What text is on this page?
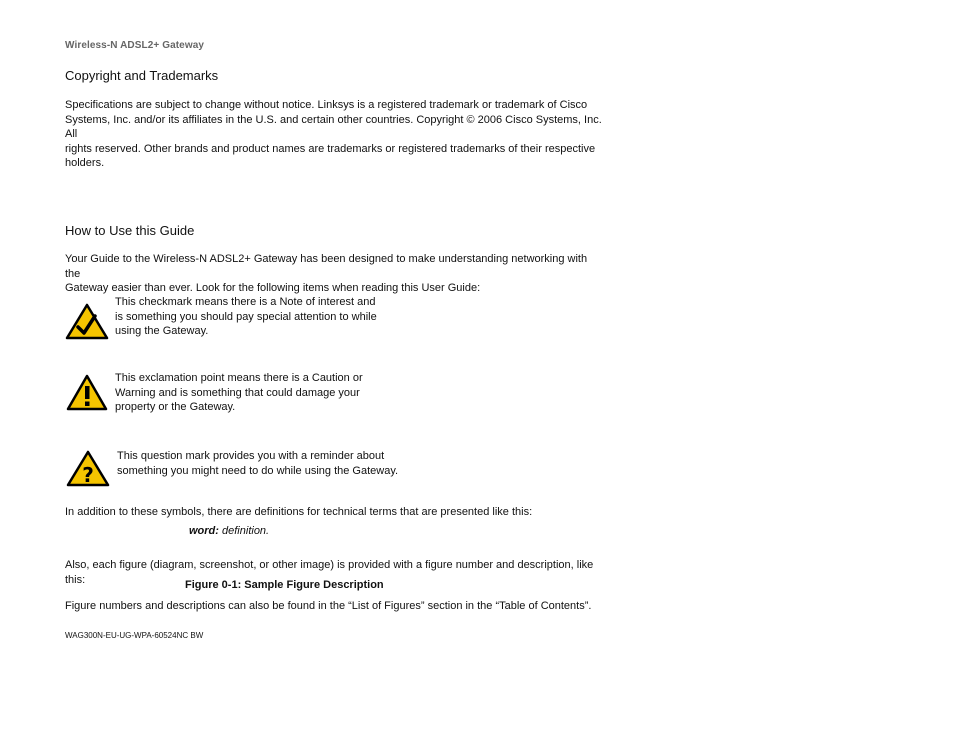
Wireless-N ADSL2+ Gateway
Copyright and Trademarks
Specifications are subject to change without notice. Linksys is a registered trademark or trademark of Cisco
Systems, Inc. and/or its affiliates in the U.S. and certain other countries. Copyright © 2006 Cisco Systems, Inc. All
rights reserved. Other brands and product names are trademarks or registered trademarks of their respective
holders.
How to Use this Guide
Your Guide to the Wireless-N ADSL2+ Gateway has been designed to make understanding networking with the
Gateway easier than ever. Look for the following items when reading this User Guide:
This checkmark means there is a Note of interest and
is something you should pay special attention to while
using the Gateway.
This exclamation point means there is a Caution or
Warning and is something that could damage your
property or the Gateway.
?
This question mark provides you with a reminder about
something you might need to do while using the Gateway.
In addition to these symbols, there are definitions for technical terms that are presented like this:
word: definition.
Also, each figure (diagram, screenshot, or other image) is provided with a figure number and description, like
this:	Figure 0-1: Sample Figure Description
Figure numbers and descriptions can also be found in the “List of Figures” section in the “Table of Contents”.
WAG300N-EU-UG-WPA-60524NC BW
